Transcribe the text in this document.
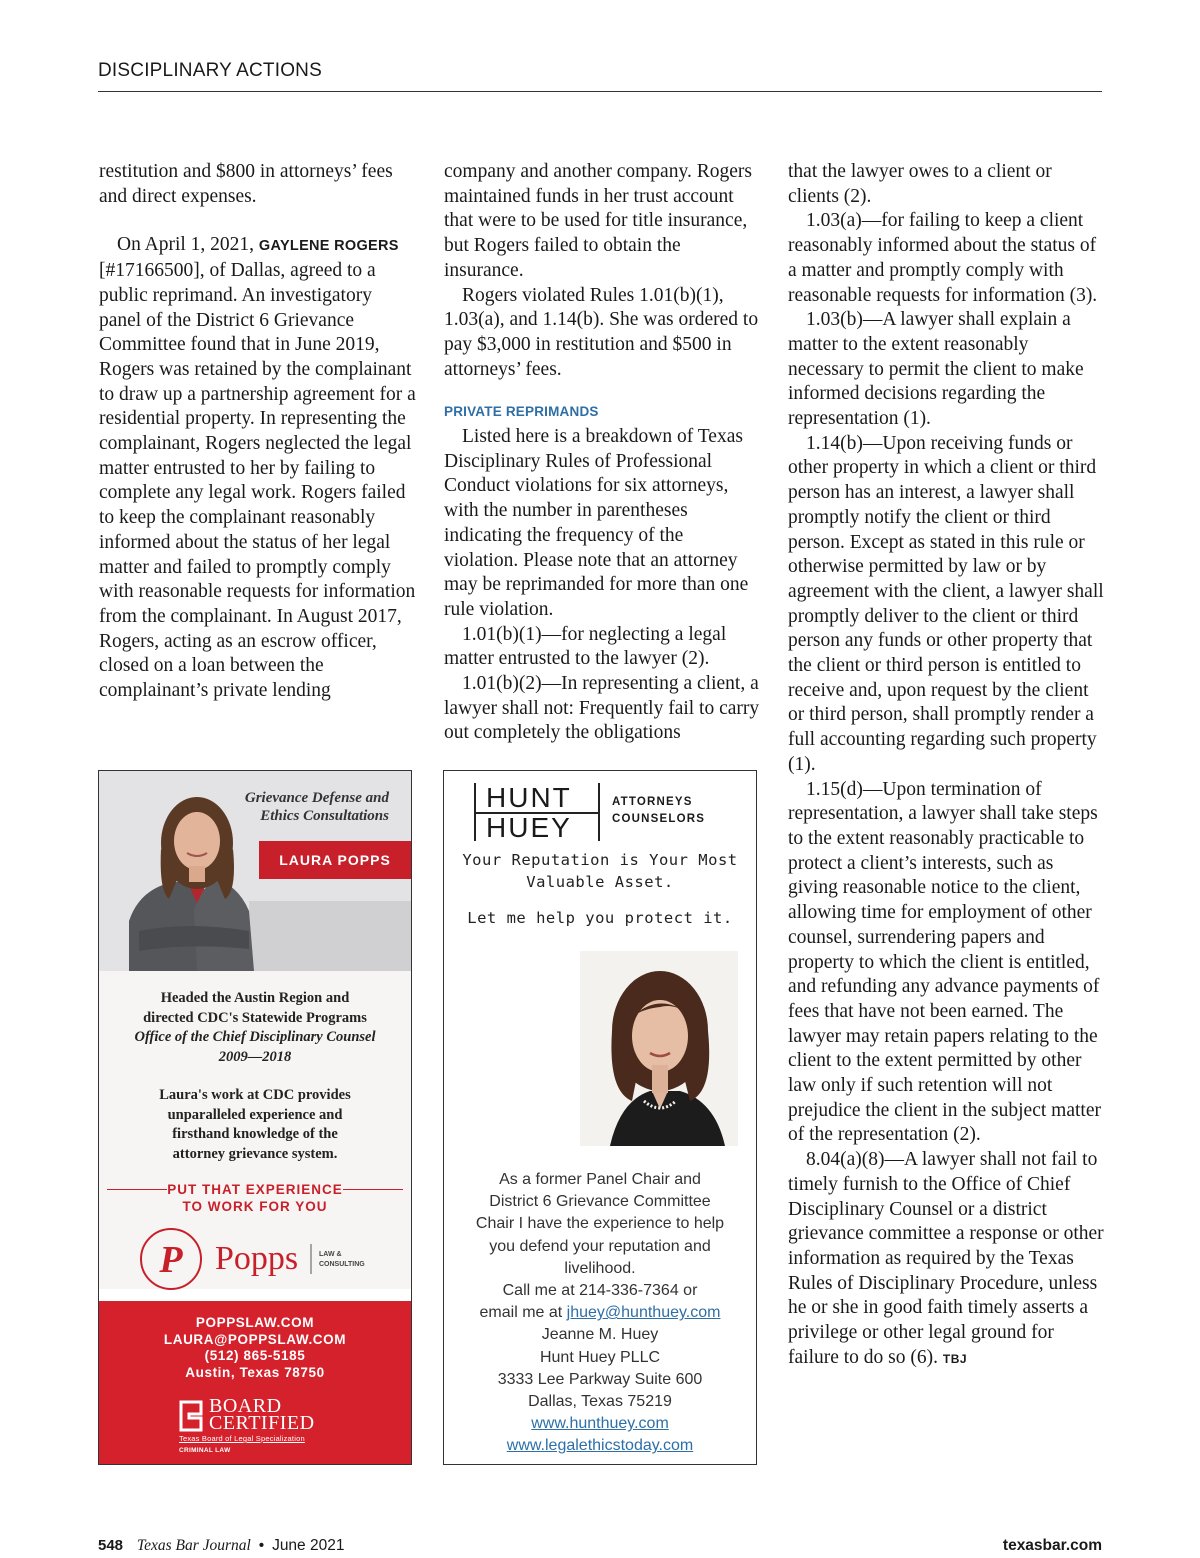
DISCIPLINARY ACTIONS

restitution and $800 in attorneys’ fees and direct expenses.

On April 1, 2021, GAYLENE ROGERS [#17166500], of Dallas, agreed to a public reprimand. An investigatory panel of the District 6 Grievance Committee found that in June 2019, Rogers was retained by the complainant to draw up a partnership agreement for a residential property. In representing the complainant, Rogers neglected the legal matter entrusted to her by failing to complete any legal work. Rogers failed to keep the complainant reasonably informed about the status of her legal matter and failed to promptly comply with reasonable requests for information from the complainant. In August 2017, Rogers, acting as an escrow officer, closed on a loan between the complainant’s private lending

company and another company. Rogers maintained funds in her trust account that were to be used for title insurance, but Rogers failed to obtain the insurance.

Rogers violated Rules 1.01(b)(1), 1.03(a), and 1.14(b). She was ordered to pay $3,000 in restitution and $500 in attorneys’ fees.

PRIVATE REPRIMANDS

Listed here is a breakdown of Texas Disciplinary Rules of Professional Conduct violations for six attorneys, with the number in parentheses indicating the frequency of the violation. Please note that an attorney may be reprimanded for more than one rule violation.

1.01(b)(1)—for neglecting a legal matter entrusted to the lawyer (2).

1.01(b)(2)—In representing a client, a lawyer shall not: Frequently fail to carry out completely the obligations

that the lawyer owes to a client or clients (2).

1.03(a)—for failing to keep a client reasonably informed about the status of a matter and promptly comply with reasonable requests for information (3).

1.03(b)—A lawyer shall explain a matter to the extent reasonably necessary to permit the client to make informed decisions regarding the representation (1).

1.14(b)—Upon receiving funds or other property in which a client or third person has an interest, a lawyer shall promptly notify the client or third person. Except as stated in this rule or otherwise permitted by law or by agreement with the client, a lawyer shall promptly deliver to the client or third person any funds or other property that the client or third person is entitled to receive and, upon request by the client or third person, shall promptly render a full accounting regarding such property (1).

1.15(d)—Upon termination of representation, a lawyer shall take steps to the extent reasonably practicable to protect a client’s interests, such as giving reasonable notice to the client, allowing time for employment of other counsel, surrendering papers and property to which the client is entitled, and refunding any advance payments of fees that have not been earned. The lawyer may retain papers relating to the client to the extent permitted by other law only if such retention will not prejudice the client in the subject matter of the representation (2).

8.04(a)(8)—A lawyer shall not fail to timely furnish to the Office of Chief Disciplinary Counsel or a district grievance committee a response or other information as required by the Texas Rules of Disciplinary Procedure, unless he or she in good faith timely asserts a privilege or other legal ground for failure to do so (6). TBJ

Grievance Defense and
Ethics Consultations
LAURA POPPS
Headed the Austin Region and
directed CDC's Statewide Programs
Office of the Chief Disciplinary Counsel
2009—2018
Laura's work at CDC provides
unparalleled experience and
firsthand knowledge of the
attorney grievance system.
PUT THAT EXPERIENCE
TO WORK FOR YOU
P Popps	LAW &
CONSULTING
POPPSLAW.COM
LAURA@POPPSLAW.COM
(512) 865-5185
Austin, Texas 78750
BOARD
CERTIFIED
Texas Board of Legal Specialization
CRIMINAL LAW
HUNT
HUEY
ATTORNEYS
COUNSELORS
Your Reputation is Your Most
Valuable Asset.
Let me help you protect it.
As a former Panel Chair and
District 6 Grievance Committee
Chair I have the experience to help
you defend your reputation and
livelihood.
Call me at 214-336-7364 or
email me at jhuey@hunthuey.com
Jeanne M. Huey
Hunt Huey PLLC
3333 Lee Parkway Suite 600
Dallas, Texas 75219
www.hunthuey.com
www.legalethicstoday.com
548 Texas Bar Journal • June 2021	texasbar.com
